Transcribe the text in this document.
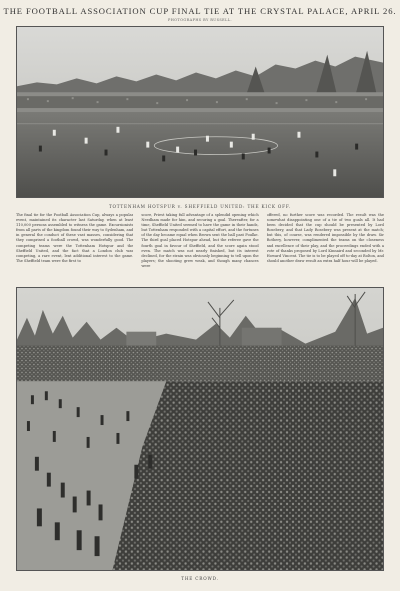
THE FOOTBALL ASSOCIATION CUP FINAL TIE AT THE CRYSTAL PALACE, APRIL 26.
PHOTOGRAPHS BY RUSSELL.
TOTTENHAM HOTSPUR v. SHEFFIELD UNITED: THE KICK OFF.
The final tie for the Football Association Cup, always a popular event, maintained its character last Saturday, when at least 110,000 persons assembled to witness the game. Excursionists from all parts of the kingdom found their way to Sydenham, and in general the conduct of these vast masses, considering that they comprised a football crowd, was wonderfully good. The competing teams were the Tottenham Hotspur and the Sheffield United, and the fact that a London club was competing, a rare event, lent additional interest to the game. The Sheffield team were the first to
score, Priest taking full advantage of a splendid opening which Needham made for him, and securing a goal. Thereafter, for a time, Sheffield United seemed to have the game in their hands, but Tottenham responded with a capital effort, and the fortunes of the day became equal when Brown sent the ball past Foulke. The third goal placed Hotspur ahead, but the referee gave the fourth goal in favour of Sheffield, and the score again stood even. The match was not nearly finished, but its interest declined, for the strain was obviously beginning to tell upon the players; the shooting grew weak, and though many chances were
offered, no further score was recorded. The result was the somewhat disappointing one of a tie of two goals all. It had been decided that the cup should be presented by Lord Rosebery, and that Lady Rosebery was present at the match; but this, of course, was rendered impossible by the draw. Sir Rothery, however, complimented the teams on the closeness and excellence of their play, and the proceedings ended with a vote of thanks proposed by Lord Kinnaird and seconded by Mr. Howard Vincent. The tie is to be played off to-day at Bolton, and should another draw result an extra half hour will be played.
THE CROWD.
